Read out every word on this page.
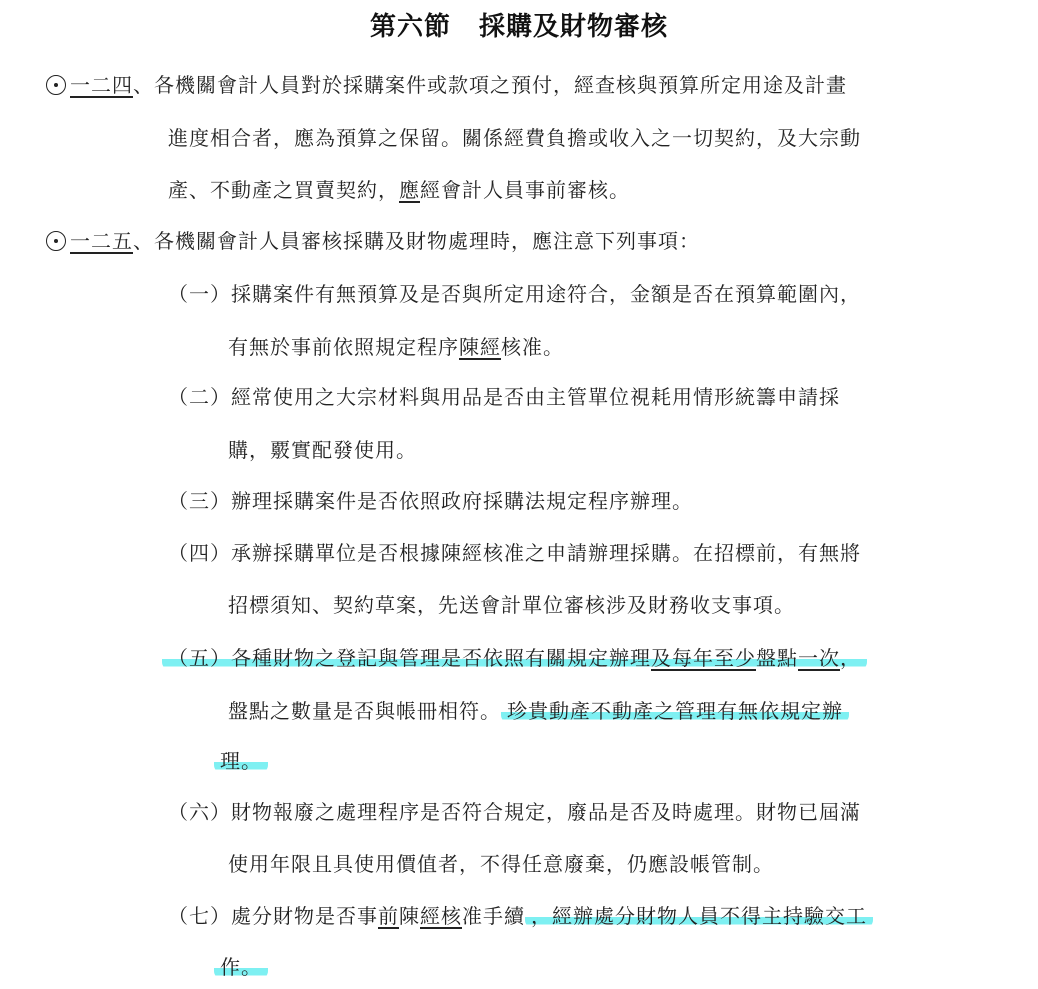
第六節 採購及財物審核
一二四、各機關會計人員對於採購案件或款項之預付，經查核與預算所定用途及計畫
進度相合者，應為預算之保留。關係經費負擔或收入之一切契約，及大宗動
產、不動產之買賣契約，應經會計人員事前審核。
一二五、各機關會計人員審核採購及財物處理時，應注意下列事項：
（一）採購案件有無預算及是否與所定用途符合，金額是否在預算範圍內，
有無於事前依照規定程序陳經核准。
（二）經常使用之大宗材料與用品是否由主管單位視耗用情形統籌申請採
購，覈實配發使用。
（三）辦理採購案件是否依照政府採購法規定程序辦理。
（四）承辦採購單位是否根據陳經核准之申請辦理採購。在招標前，有無將
招標須知、契約草案，先送會計單位審核涉及財務收支事項。
（五）各種財物之登記與管理是否依照有關規定辦理及每年至少盤點一次，
盤點之數量是否與帳冊相符。 珍貴動產不動產之管理有無依規定辦
理。
（六）財物報廢之處理程序是否符合規定，廢品是否及時處理。財物已屆滿
使用年限且具使用價值者，不得任意廢棄，仍應設帳管制。
（七）處分財物是否事前陳經核准手續 ，經辦處分財物人員不得主持驗交工
作。
